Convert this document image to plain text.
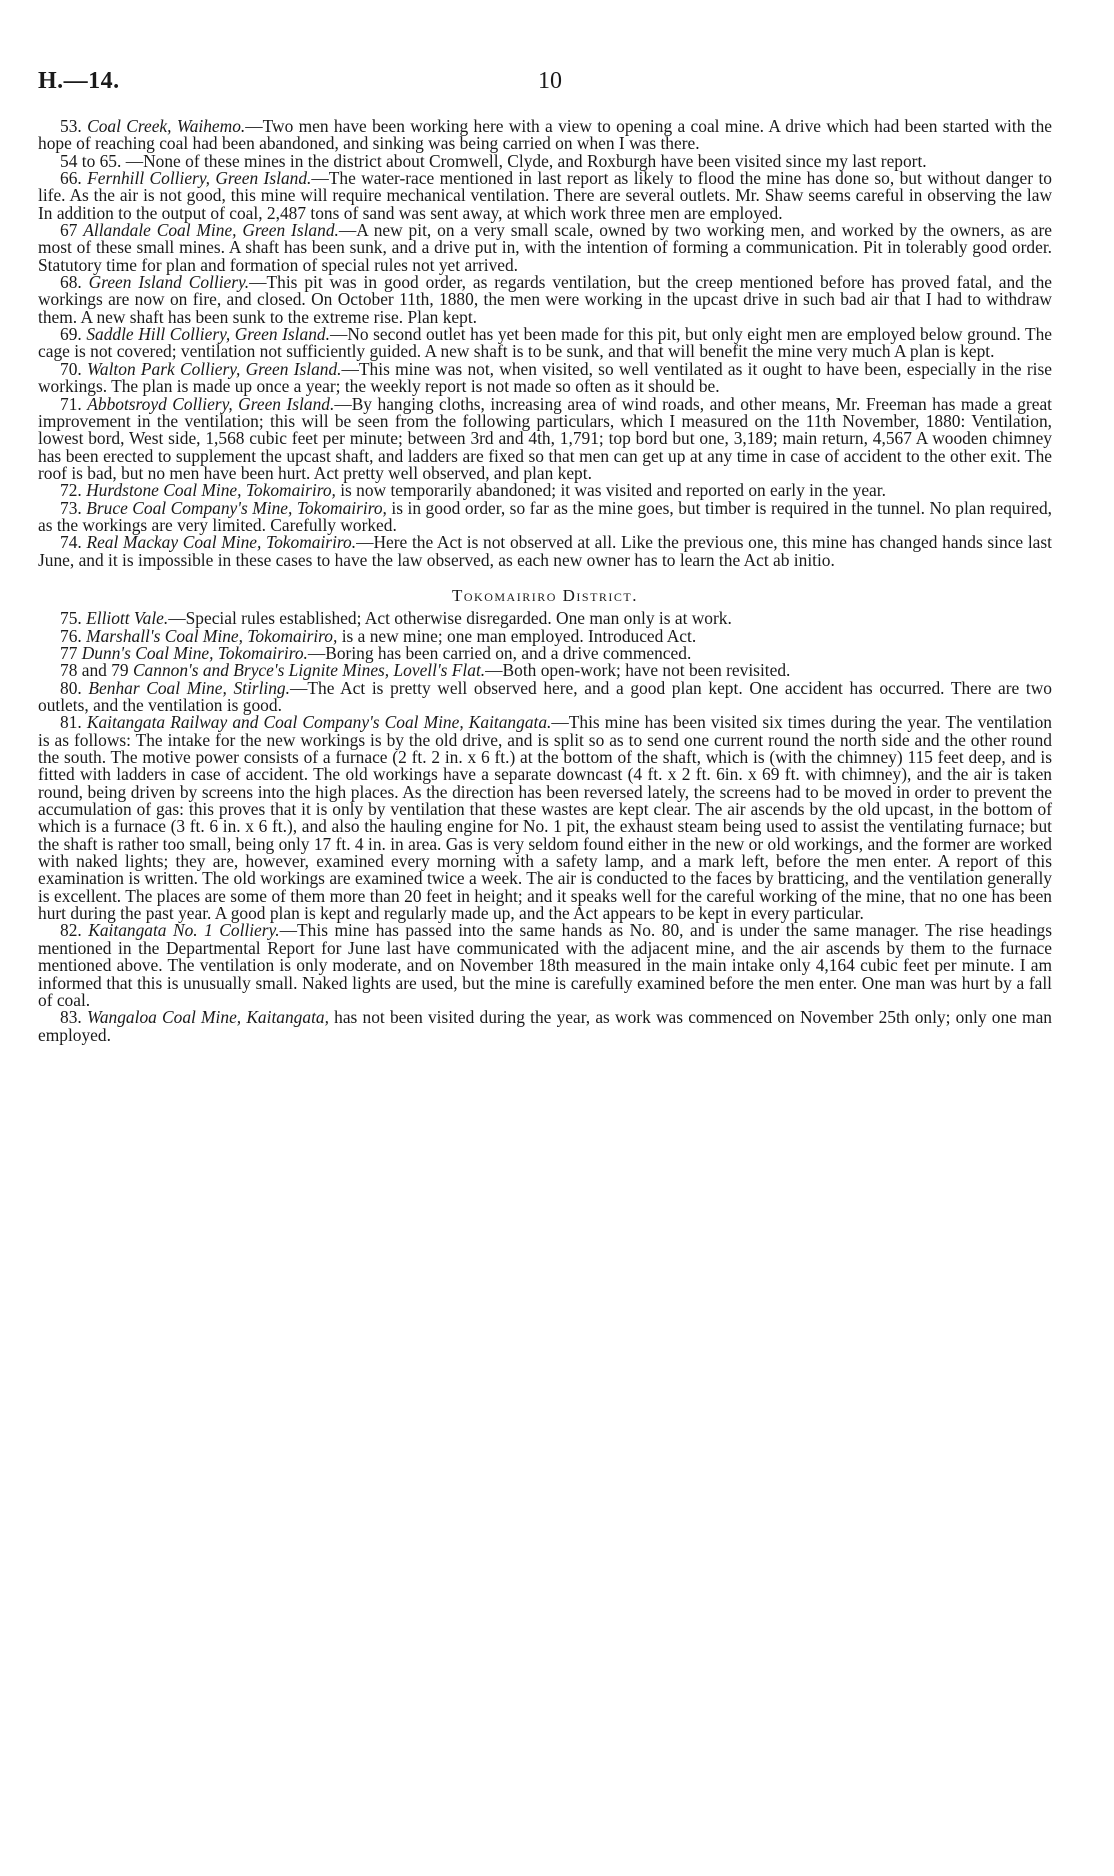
H.—14.	10

53. Coal Creek, Waihemo.—Two men have been working here with a view to opening a coal mine. A drive which had been started with the hope of reaching coal had been abandoned, and sinking was being carried on when I was there.

54 to 65. —None of these mines in the district about Cromwell, Clyde, and Roxburgh have been visited since my last report.

66. Fernhill Colliery, Green Island.—The water-race mentioned in last report as likely to flood the mine has done so, but without danger to life. As the air is not good, this mine will require mechanical ventilation. There are several outlets. Mr. Shaw seems careful in observing the law In addition to the output of coal, 2,487 tons of sand was sent away, at which work three men are employed.

67 Allandale Coal Mine, Green Island.—A new pit, on a very small scale, owned by two working men, and worked by the owners, as are most of these small mines. A shaft has been sunk, and a drive put in, with the intention of forming a communication. Pit in tolerably good order. Statutory time for plan and formation of special rules not yet arrived.

68. Green Island Colliery.—This pit was in good order, as regards ventilation, but the creep mentioned before has proved fatal, and the workings are now on fire, and closed. On October 11th, 1880, the men were working in the upcast drive in such bad air that I had to withdraw them. A new shaft has been sunk to the extreme rise. Plan kept.

69. Saddle Hill Colliery, Green Island.—No second outlet has yet been made for this pit, but only eight men are employed below ground. The cage is not covered; ventilation not sufficiently guided. A new shaft is to be sunk, and that will benefit the mine very much A plan is kept.

70. Walton Park Colliery, Green Island.—This mine was not, when visited, so well ventilated as it ought to have been, especially in the rise workings. The plan is made up once a year; the weekly report is not made so often as it should be.

71. Abbotsroyd Colliery, Green Island.—By hanging cloths, increasing area of wind roads, and other means, Mr. Freeman has made a great improvement in the ventilation; this will be seen from the following particulars, which I measured on the 11th November, 1880: Ventilation, lowest bord, West side, 1,568 cubic feet per minute; between 3rd and 4th, 1,791; top bord but one, 3,189; main return, 4,567 A wooden chimney has been erected to supplement the upcast shaft, and ladders are fixed so that men can get up at any time in case of accident to the other exit. The roof is bad, but no men have been hurt. Act pretty well observed, and plan kept.

72. Hurdstone Coal Mine, Tokomairiro, is now temporarily abandoned; it was visited and reported on early in the year.

73. Bruce Coal Company's Mine, Tokomairiro, is in good order, so far as the mine goes, but timber is required in the tunnel. No plan required, as the workings are very limited. Carefully worked.

74. Real Mackay Coal Mine, Tokomairiro.—Here the Act is not observed at all. Like the previous one, this mine has changed hands since last June, and it is impossible in these cases to have the law observed, as each new owner has to learn the Act ab initio.

Tokomairiro District.

75. Elliott Vale.—Special rules established; Act otherwise disregarded. One man only is at work.

76. Marshall's Coal Mine, Tokomairiro, is a new mine; one man employed. Introduced Act.

77 Dunn's Coal Mine, Tokomairiro.—Boring has been carried on, and a drive commenced.

78 and 79 Cannon's and Bryce's Lignite Mines, Lovell's Flat.—Both open-work; have not been revisited.

80. Benhar Coal Mine, Stirling.—The Act is pretty well observed here, and a good plan kept. One accident has occurred. There are two outlets, and the ventilation is good.

81. Kaitangata Railway and Coal Company's Coal Mine, Kaitangata.—This mine has been visited six times during the year. The ventilation is as follows: The intake for the new workings is by the old drive, and is split so as to send one current round the north side and the other round the south. The motive power consists of a furnace (2 ft. 2 in. x 6 ft.) at the bottom of the shaft, which is (with the chimney) 115 feet deep, and is fitted with ladders in case of accident. The old workings have a separate downcast (4 ft. x 2 ft. 6in. x 69 ft. with chimney), and the air is taken round, being driven by screens into the high places. As the direction has been reversed lately, the screens had to be moved in order to prevent the accumulation of gas: this proves that it is only by ventilation that these wastes are kept clear. The air ascends by the old upcast, in the bottom of which is a furnace (3 ft. 6 in. x 6 ft.), and also the hauling engine for No. 1 pit, the exhaust steam being used to assist the ventilating furnace; but the shaft is rather too small, being only 17 ft. 4 in. in area. Gas is very seldom found either in the new or old workings, and the former are worked with naked lights; they are, however, examined every morning with a safety lamp, and a mark left, before the men enter. A report of this examination is written. The old workings are examined twice a week. The air is conducted to the faces by bratticing, and the ventilation generally is excellent. The places are some of them more than 20 feet in height; and it speaks well for the careful working of the mine, that no one has been hurt during the past year. A good plan is kept and regularly made up, and the Act appears to be kept in every particular.

82. Kaitangata No. 1 Colliery.—This mine has passed into the same hands as No. 80, and is under the same manager. The rise headings mentioned in the Departmental Report for June last have communicated with the adjacent mine, and the air ascends by them to the furnace mentioned above. The ventilation is only moderate, and on November 18th measured in the main intake only 4,164 cubic feet per minute. I am informed that this is unusually small. Naked lights are used, but the mine is carefully examined before the men enter. One man was hurt by a fall of coal.

83. Wangaloa Coal Mine, Kaitangata, has not been visited during the year, as work was commenced on November 25th only; only one man employed.
